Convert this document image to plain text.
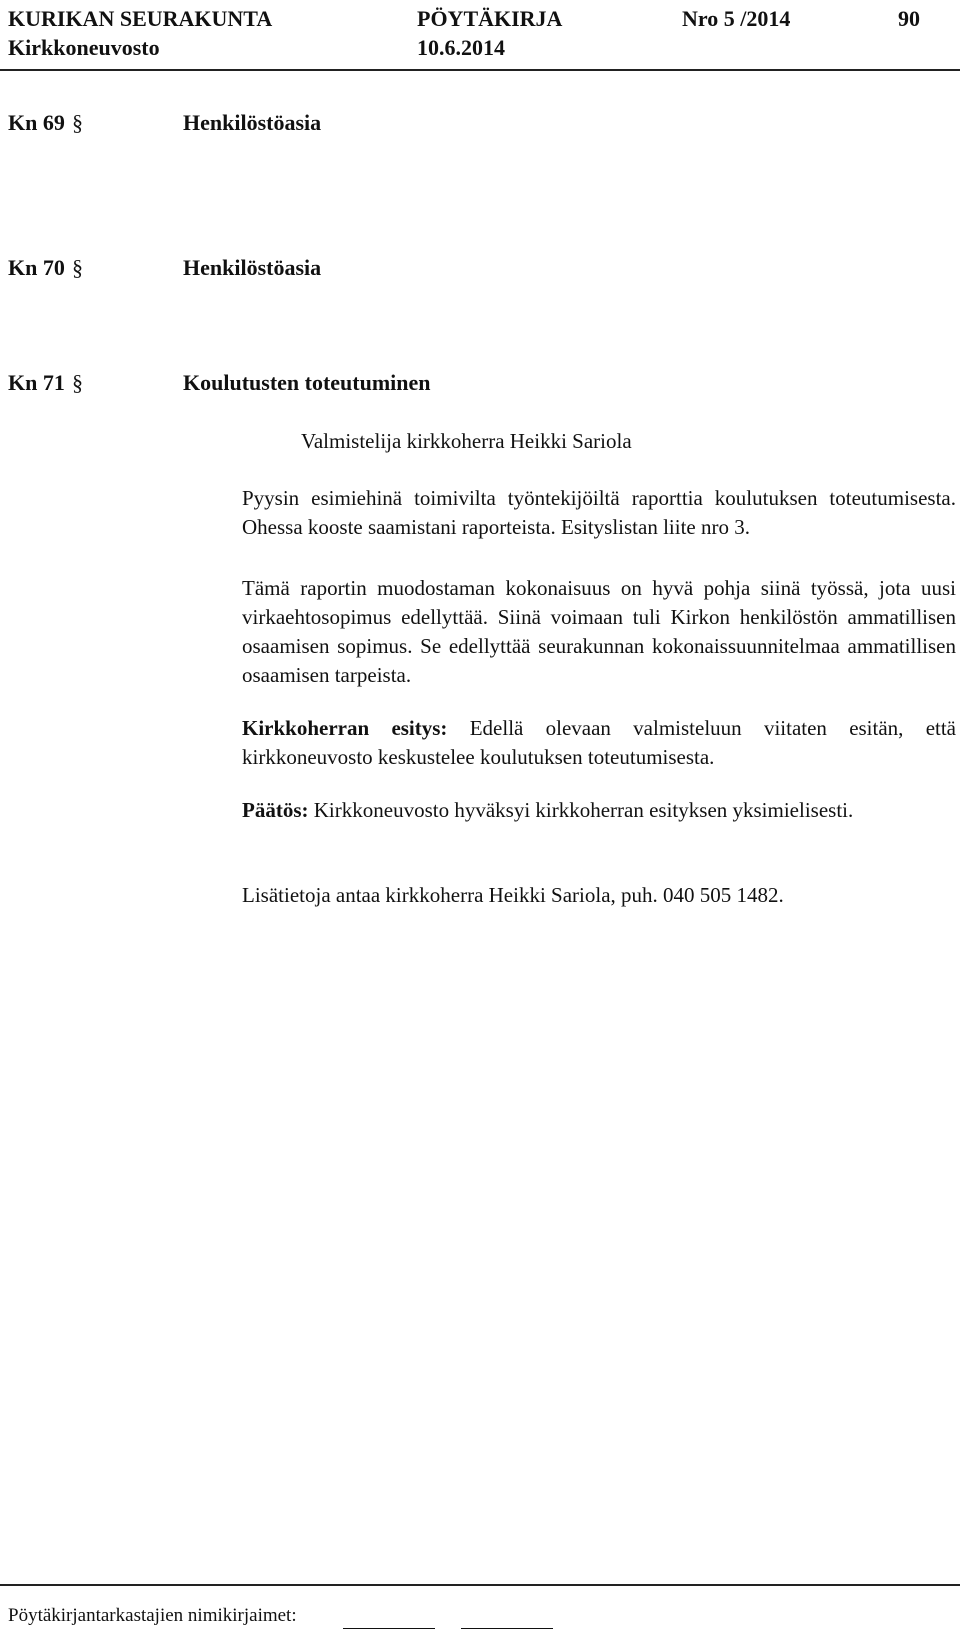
KURIKAN SEURAKUNTA	PÖYTÄKIRJA	Nro 5 /2014	90
Kirkkoneuvosto	10.6.2014
Kn 69 §	Henkilöstöasia
Kn 70 §	Henkilöstöasia
Kn 71 §	Koulutusten toteutuminen
Valmistelija kirkkoherra Heikki Sariola

Pyysin esimiehinä toimivilta työntekijöiltä raporttia koulutuksen toteutumisesta. Ohessa kooste saamistani raporteista. Esityslistan liite nro 3.

Tämä raportin muodostaman kokonaisuus on hyvä pohja siinä työssä, jota uusi virkaehtosopimus edellyttää. Siinä voimaan tuli Kirkon henkilöstön ammatillisen osaamisen sopimus. Se edellyttää seurakunnan kokonaissuunnitelmaa ammatillisen osaamisen tarpeista.

Kirkkoherran esitys: Edellä olevaan valmisteluun viitaten esitän, että kirkkoneuvosto keskustelee koulutuksen toteutumisesta.

Päätös: Kirkkoneuvosto hyväksyi kirkkoherran esityksen yksimielisesti.

Lisätietoja antaa kirkkoherra Heikki Sariola, puh. 040 505 1482.

Pöytäkirjantarkastajien nimikirjaimet:
